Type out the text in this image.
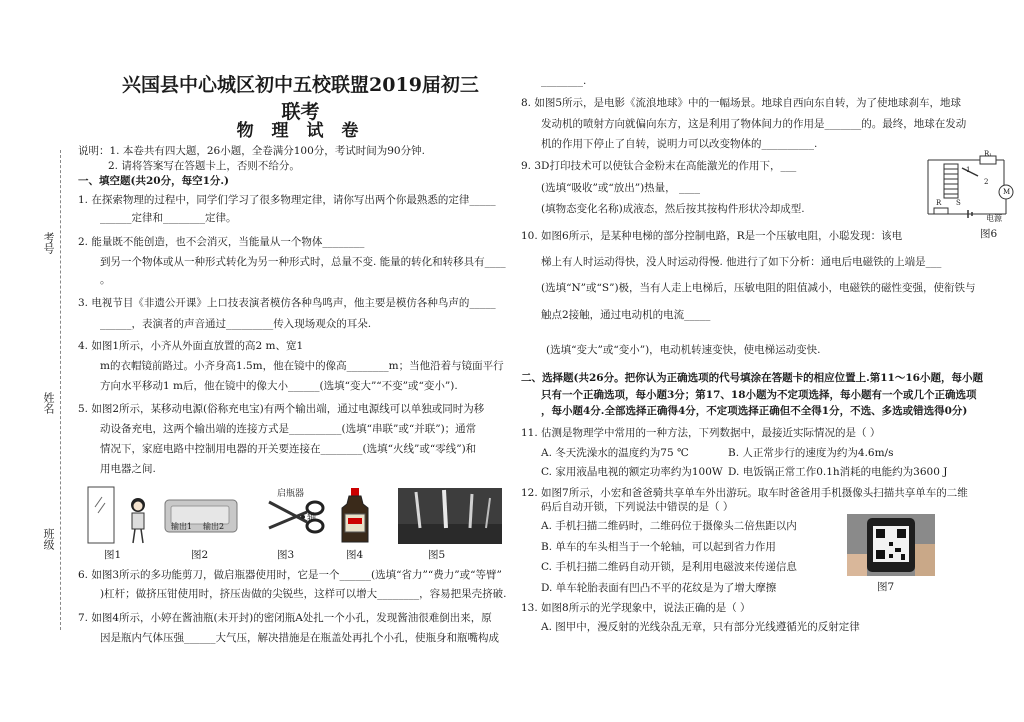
考号
姓名
班级
兴国县中心城区初中五校联盟2019届初三联考
物 理 试 卷
说明：1. 本卷共有四大题，26小题，全卷满分100分，考试时间为90分钟.
2. 请将答案写在答题卡上，否则不给分。
一、填空题(共20分，每空1分.)
1. 在探索物理的过程中，同学们学习了很多物理定律，请你写出两个你最熟悉的定律_____
______定律和________定律。
2. 能量既不能创造，也不会消灭，当能量从一个物体________
到另一个物体或从一种形式转化为另一种形式时，总量不变. 能量的转化和转移具有____
。
3. 电视节目《非遗公开课》上口技表演者模仿各种鸟鸣声，他主要是模仿各种鸟声的_____
______，表演者的声音通过_________传入现场观众的耳朵.
4. 如图1所示，小齐从外面直放置的高2 m、宽1
m的衣帽镜前路过。小齐身高1.5m，他在镜中的像高________m；当他沿着与镜面平行
方向水平移动1 m后，他在镜中的像大小______(选填“变大”“不变”或“变小”).
5. 如图2所示，某移动电源(俗称充电宝)有两个输出端，通过电源线可以单独或同时为移
动设备充电，这两个输出端的连接方式是__________(选填“串联”或“并联”)；通常
情况下，家庭电路中控制用电器的开关要连接在________(选填“火线”或“零线”)和
用电器之间.
图1
输出1 输出2
图2
启瓶器
轴
图3	图4	图5
6. 如图3所示的多功能剪刀，做启瓶器使用时，它是一个______(选填“省力”“费力”或“等臂”
)杠杆；做挤压钳使用时，挤压齿做的尖锐些，这样可以增大________，容易把果壳挤破.
7. 如图4所示，小婷在酱油瓶(未开封)的密闭瓶A处扎一个小孔，发现酱油很难倒出来，原
因是瓶内气体压强______大气压，解决措施是在瓶盖处再扎个小孔，使瓶身和瓶嘴构成
________.
8. 如图5所示，是电影《流浪地球》中的一幅场景。地球自西向东自转，为了使地球刹车，地球
发动机的喷射方向就偏向东方，这是利用了物体间力的作用是_______的。最终，地球在发动
机的作用下停止了自转，说明力可以改变物体的__________.
9. 3D打印技术可以使钛合金粉末在高能激光的作用下，___
(选填“吸收”或“放出”)热量， ____
(填物态变化名称)成液态，然后按其按构件形状冷却成型.
R₁
1
2
M
R S
电源
图6
10. 如图6所示，是某种电梯的部分控制电路，R是一个压敏电阻，小聪发现：该电
梯上有人时运动得快，没人时运动得慢. 他进行了如下分析：通电后电磁铁的上端是___
(选填“N”或“S”)极，当有人走上电梯后，压敏电阻的阻值减小，电磁铁的磁性变强，使衔铁与
触点2接触，通过电动机的电流_____
(选填“变大”或“变小”)，电动机转速变快，使电梯运动变快.
二、选择题(共26分。把你认为正确选项的代号填涂在答题卡的相应位置上.第11～16小题，每小题
只有一个正确选项，每小题3分；第17、18小题为不定项选择，每小题有一个或几个正确选项
，每小题4分.全部选择正确得4分，不定项选择正确但不全得1分，不选、多选或错选得0分)
11. 估测是物理学中常用的一种方法，下列数据中，最接近实际情况的是（ ）
A. 冬天洗澡水的温度约为75 ℃	B. 人正常步行的速度为约为4.6m/s
C. 家用液晶电视的额定功率约为100W D. 电饭锅正常工作0.1h消耗的电能约为3600 J
12. 如图7所示，小宏和爸爸骑共享单车外出游玩。取车时爸爸用手机摄像头扫描共享单车的二维
码后自动开锁，下列说法中错误的是（ ）
A. 手机扫描二维码时，二维码位于摄像头二倍焦距以内
B. 单车的车头相当于一个轮轴，可以起到省力作用
C. 手机扫描二维码自动开锁，是利用电磁波来传递信息
D. 单车轮胎表面有凹凸不平的花纹是为了增大摩擦	图7
13. 如图8所示的光学现象中，说法正确的是（ ）
A. 图甲中，漫反射的光线杂乱无章，只有部分光线遵循光的反射定律
